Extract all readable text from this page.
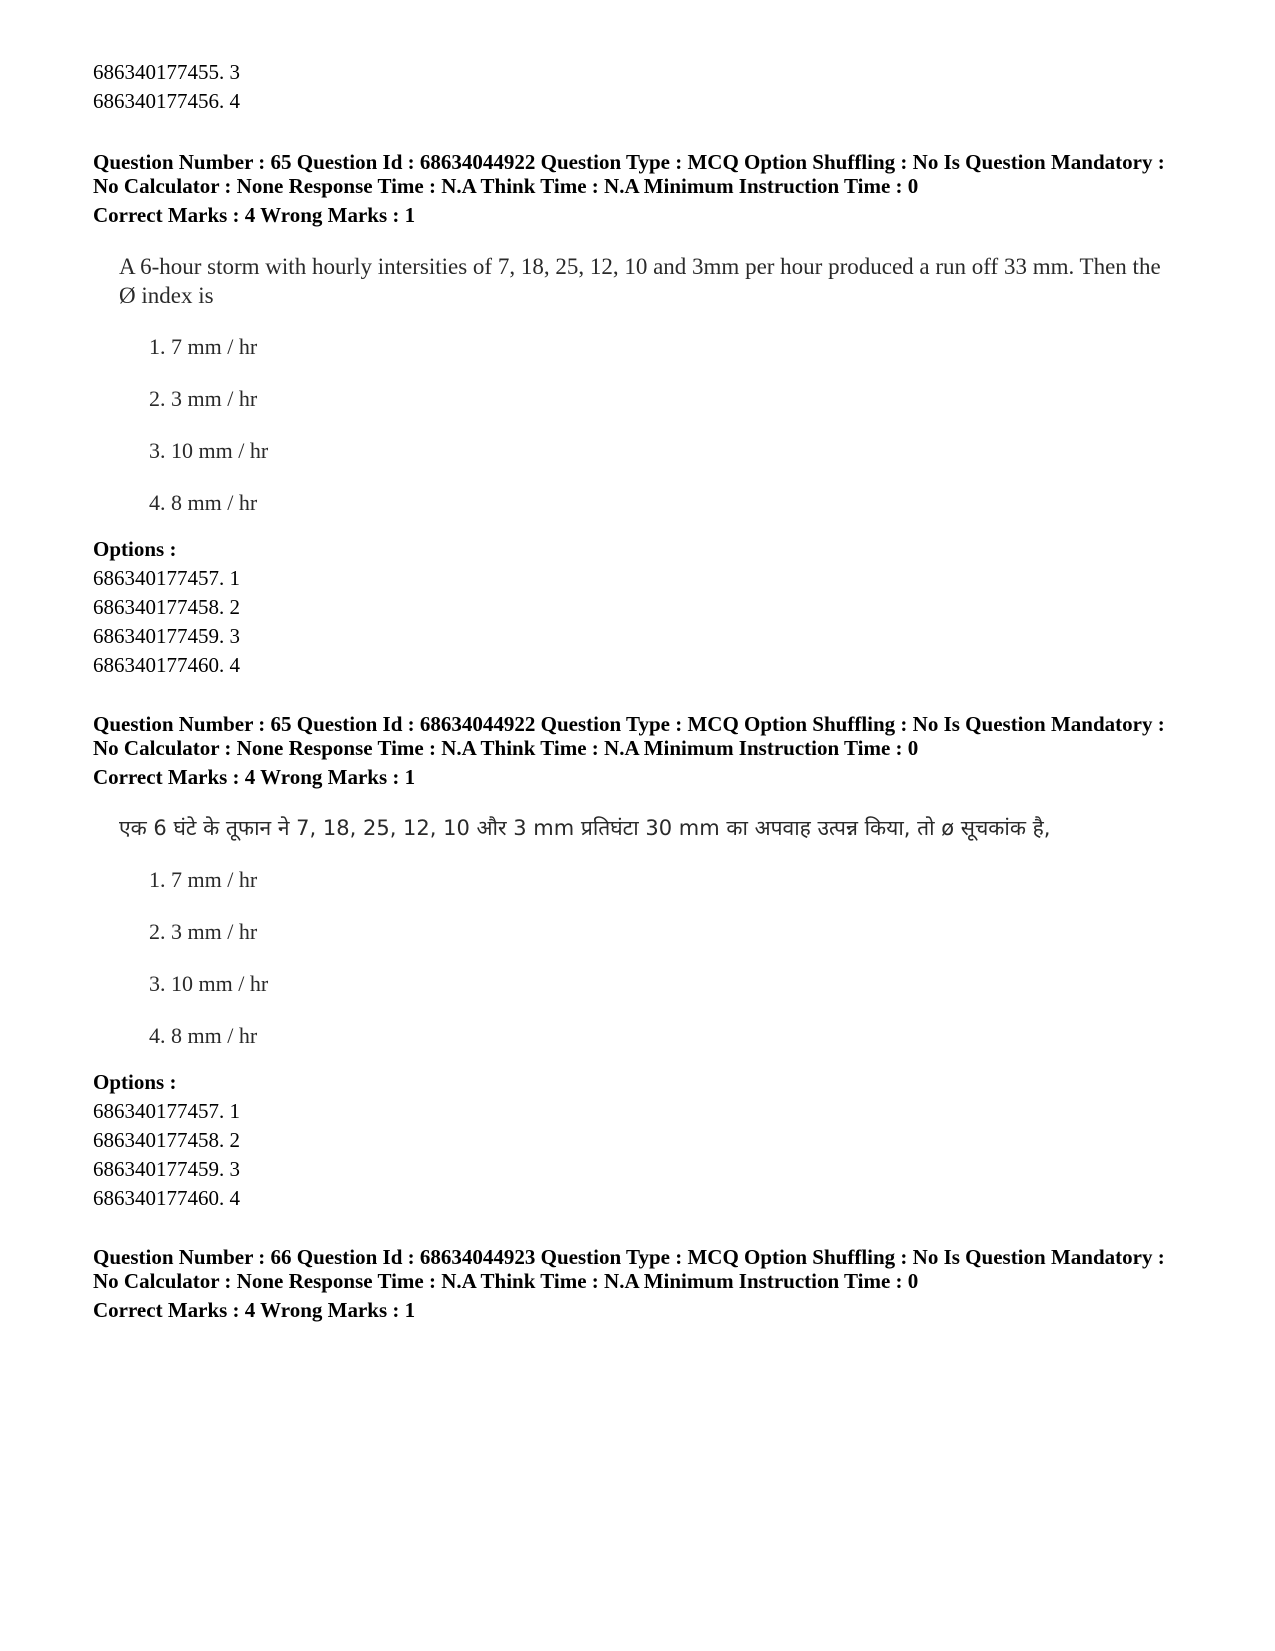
686340177455. 3

686340177456. 4

Question Number : 65 Question Id : 68634044922 Question Type : MCQ Option Shuffling : No Is Question Mandatory :

No Calculator : None Response Time : N.A Think Time : N.A Minimum Instruction Time : 0

Correct Marks : 4 Wrong Marks : 1

A 6-hour storm with hourly intersities of 7, 18, 25, 12, 10 and 3mm per hour produced a run off 33 mm. Then the Ø index is

1. 7 mm / hr
2. 3 mm / hr
3. 10 mm / hr
4. 8 mm / hr

Options :

686340177457. 1

686340177458. 2

686340177459. 3

686340177460. 4

Question Number : 65 Question Id : 68634044922 Question Type : MCQ Option Shuffling : No Is Question Mandatory :

No Calculator : None Response Time : N.A Think Time : N.A Minimum Instruction Time : 0

Correct Marks : 4 Wrong Marks : 1

एक 6 घंटे के तूफान ने 7, 18, 25, 12, 10 और 3 mm प्रतिघंटा 30 mm का अपवाह उत्पन्न किया, तो ø सूचकांक है,

1. 7 mm / hr
2. 3 mm / hr
3. 10 mm / hr
4. 8 mm / hr

Options :

686340177457. 1

686340177458. 2

686340177459. 3

686340177460. 4

Question Number : 66 Question Id : 68634044923 Question Type : MCQ Option Shuffling : No Is Question Mandatory :

No Calculator : None Response Time : N.A Think Time : N.A Minimum Instruction Time : 0

Correct Marks : 4 Wrong Marks : 1
